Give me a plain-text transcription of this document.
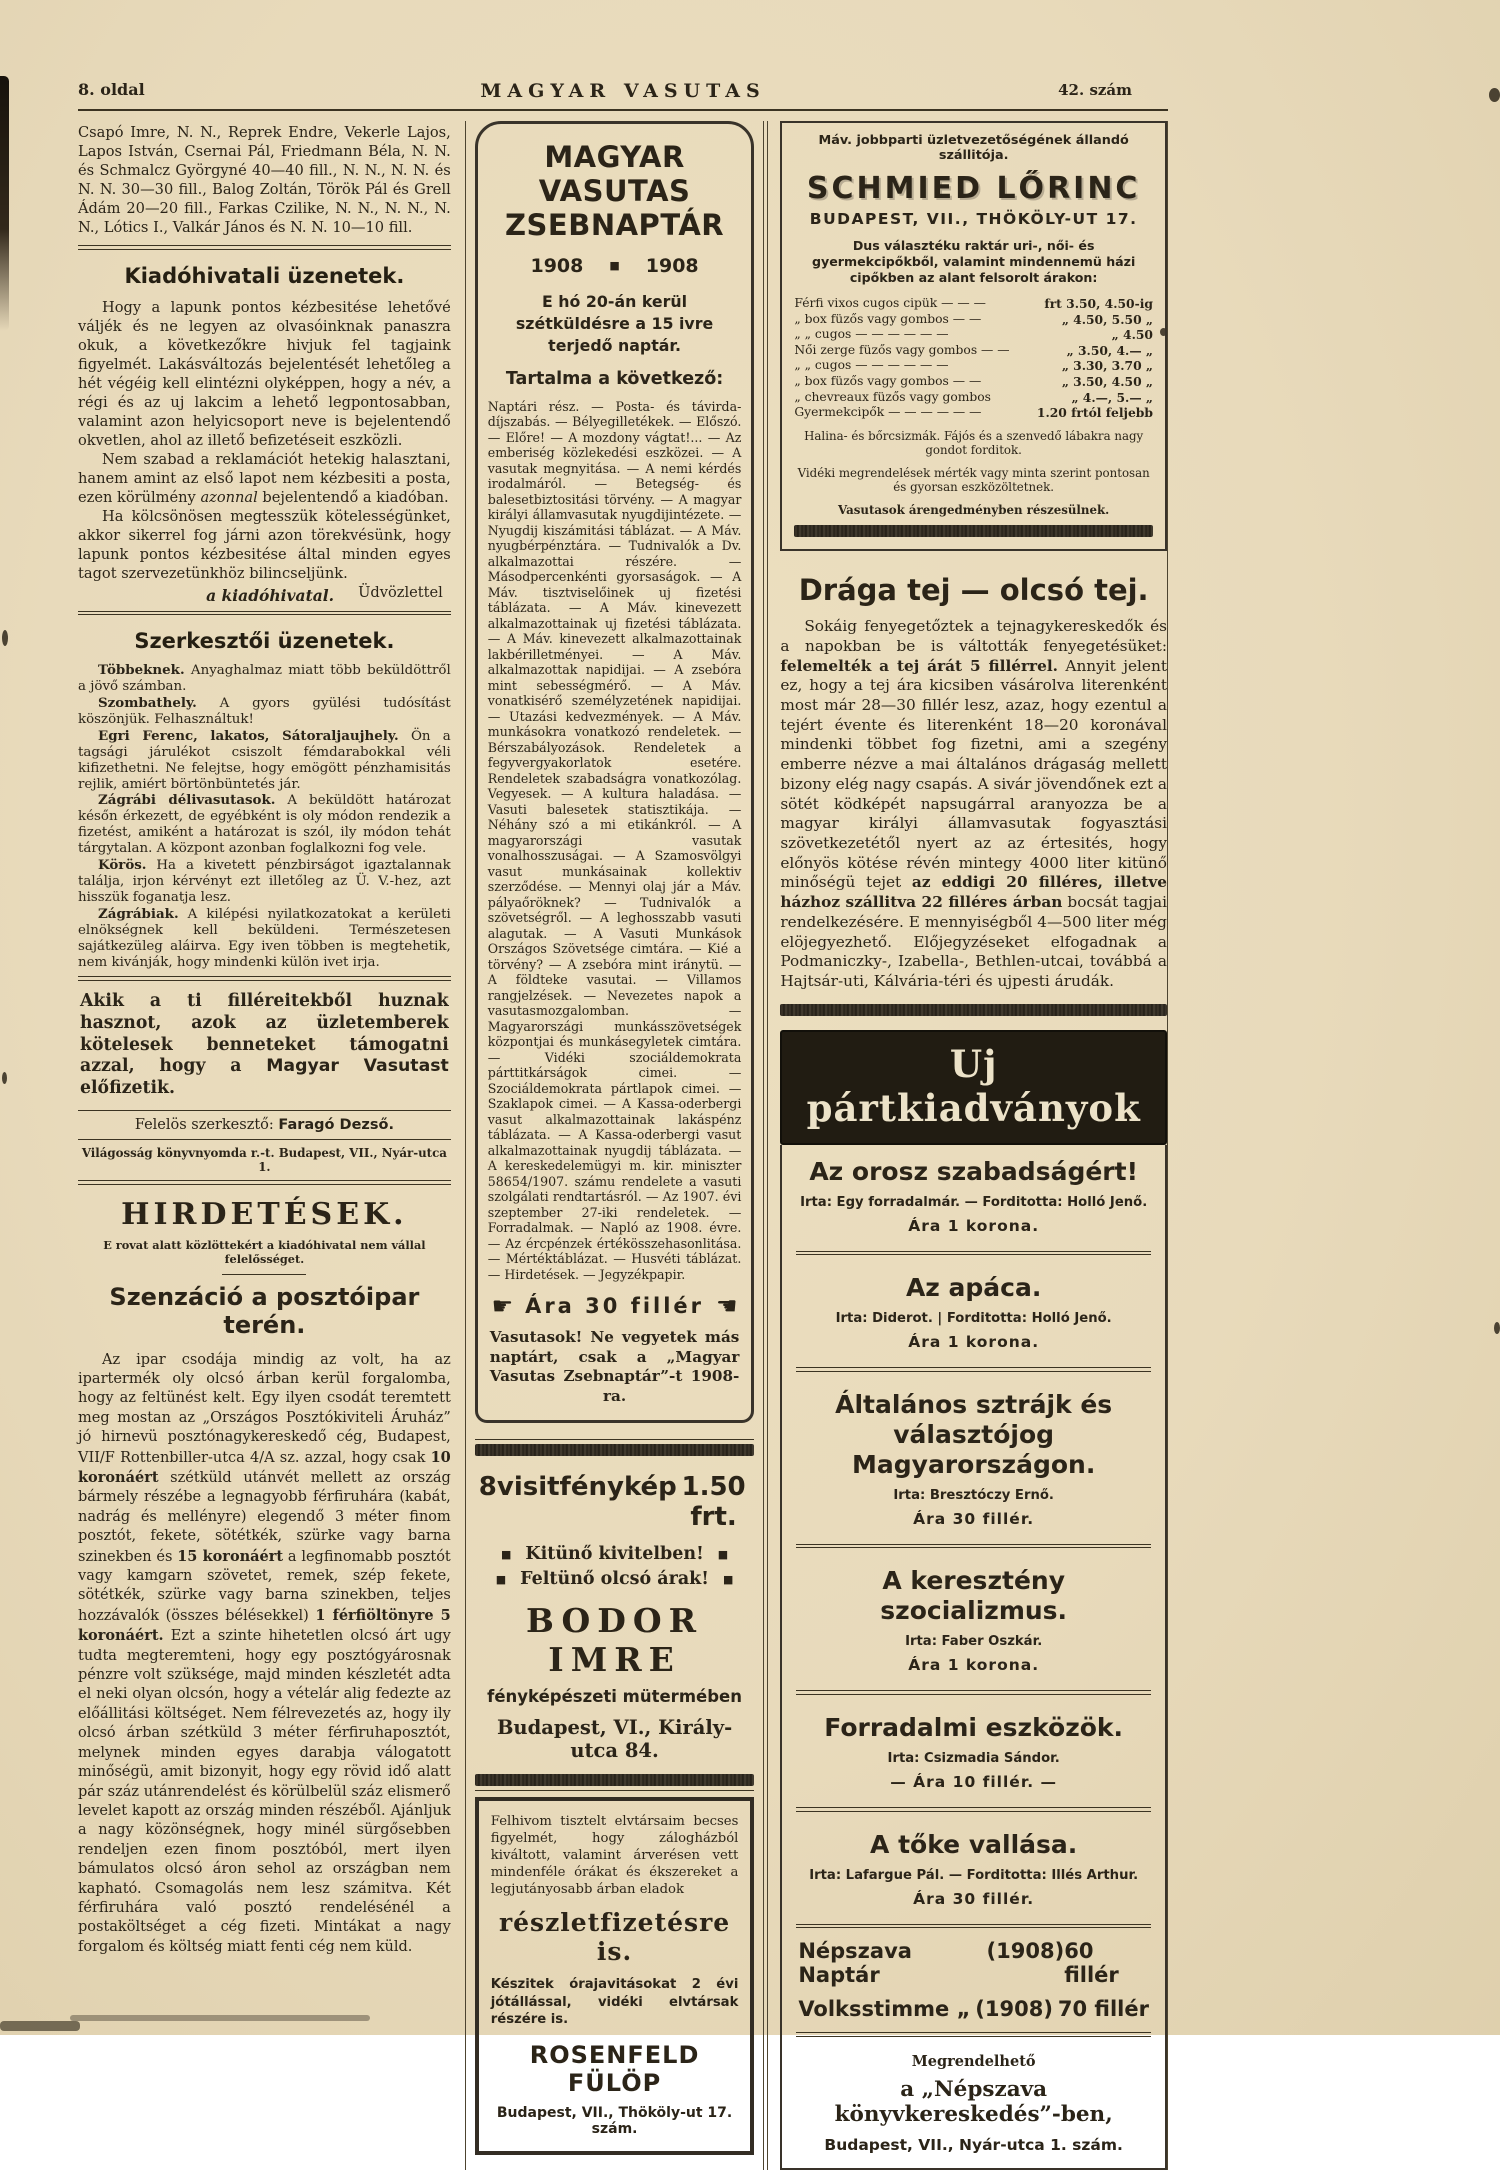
8. oldal	MAGYAR VASUTAS	42. szám

Csapó Imre, N. N., Reprek Endre, Vekerle Lajos, Lapos István, Csernai Pál, Friedmann Béla, N. N. és Schmalcz Györgyné 40—40 fill., N. N., N. N. és N. N. 30—30 fill., Balog Zoltán, Török Pál és Grell Ádám 20—20 fill., Farkas Czilike, N. N., N. N., N. N., Lótics I., Valkár János és N. N. 10—10 fill.

Kiadóhivatali üzenetek.

Hogy a lapunk pontos kézbesitése lehetővé váljék és ne legyen az olvasóinknak panaszra okuk, a következőkre hivjuk fel tagjaink figyelmét. Lakásváltozás bejelentését lehetőleg a hét végéig kell elintézni olyképpen, hogy a név, a régi és az uj lakcim a lehető legpontosabban, valamint azon helyicsoport neve is bejelentendő okvetlen, ahol az illető befizetéseit eszközli.

Nem szabad a reklamációt hetekig halasztani, hanem amint az első lapot nem kézbesiti a posta, ezen körülmény azonnal bejelentendő a kiadóban.

Ha kölcsönösen megtesszük kötelességünket, akkor sikerrel fog járni azon törekvésünk, hogy lapunk pontos kézbesitése által minden egyes tagot szervezetünkhöz bilincseljünk.
Üdvözlettel

a kiadóhivatal.
Szerkesztői üzenetek.

Többeknek. Anyaghalmaz miatt több beküldöttről a jövő számban.

Szombathely. A gyors gyülési tudósítást köszönjük. Felhasználtuk!

Egri Ferenc, lakatos, Sátoraljaujhely. Ön a tagsági járulékot csiszolt fémdarabokkal véli kifizethetni. Ne felejtse, hogy emögött pénzhamisitás rejlik, amiért börtönbüntetés jár.

Zágrábi délivasutasok. A beküldött határozat későn érkezett, de egyébként is oly módon rendezik a fizetést, amiként a határozat is szól, ily módon tehát tárgytalan. A központ azonban foglalkozni fog vele.

Körös. Ha a kivetett pénzbirságot igaztalannak találja, irjon kérvényt ezt illetőleg az Ü. V.-hez, azt hisszük foganatja lesz.

Zágrábiak. A kilépési nyilatkozatokat a kerületi elnökségnek kell beküldeni. Természetesen sajátkezüleg aláirva. Egy iven többen is megtehetik, nem kivánják, hogy mindenki külön ivet irja.

Akik a ti filléreitekből huznak hasznot, azok az üzletemberek kötelesek benneteket támogatni azzal, hogy a Magyar Vasutast előfizetik.

Felelös szerkesztő: Faragó Dezső.
Világosság könyvnyomda r.-t. Budapest, VII., Nyár-utca 1.
HIRDETÉSEK.
E rovat alatt közlöttekért a kiadóhivatal nem vállal felelősséget.
Szenzáció a posztóipar terén.

Az ipar csodája mindig az volt, ha az ipartermék oly olcsó árban kerül forgalomba, hogy az feltünést kelt. Egy ilyen csodát teremtett meg mostan az „Országos Posztókiviteli Áruház” jó hirnevü posztónagykereskedő cég, Budapest, VII/F Rottenbiller-utca 4/A sz. azzal, hogy csak 10 koronáért szétküld utánvét mellett az ország bármely részébe a legnagyobb férfiruhára (kabát, nadrág és mellényre) elegendő 3 méter finom posztót, fekete, sötétkék, szürke vagy barna szinekben és 15 koronáért a legfinomabb posztót vagy kamgarn szövetet, remek, szép fekete, sötétkék, szürke vagy barna szinekben, teljes hozzávalók (összes bélésekkel) 1 férfiöltönyre 5 koronáért. Ezt a szinte hihetetlen olcsó árt ugy tudta megteremteni, hogy egy posztógyárosnak pénzre volt szüksége, majd minden készletét adta el neki olyan olcsón, hogy a vételár alig fedezte az előállitási költséget. Nem félrevezetés az, hogy ily olcsó árban szétküld 3 méter férfiruhaposztót, melynek minden egyes darabja válogatott minőségü, amit bizonyit, hogy egy rövid idő alatt pár száz utánrendelést és körülbelül száz elismerő levelet kapott az ország minden részéből. Ajánljuk a nagy közönségnek, hogy minél sürgősebben rendeljen ezen finom posztóból, mert ilyen bámulatos olcsó áron sehol az országban nem kapható. Csomagolás nem lesz számitva. Két férfiruhára való posztó rendelésénél a postaköltséget a cég fizeti. Mintákat a nagy forgalom és költség miatt fenti cég nem küld.

MAGYAR VASUTAS
ZSEBNAPTÁR
1908 ■ 1908
E hó 20-án kerül szétküldésre a 15 ivre terjedő naptár.
Tartalma a következő:

Naptári rész. — Posta- és távirda-díjszabás. — Bélyegilletékek. — Előszó. — Előre! — A mozdony vágtat!... — Az emberiség közlekedési eszközei. — A vasutak megnyitása. — A nemi kérdés irodalmáról. — Betegség- és balesetbiztositási törvény. — A magyar királyi államvasutak nyugdijintézete. — Nyugdij kiszámitási táblázat. — A Máv. nyugbérpénztára. — Tudnivalók a Dv. alkalmazottai részére. — Másodpercenkénti gyorsaságok. — A Máv. tisztviselőinek uj fizetési táblázata. — A Máv. kinevezett alkalmazottainak uj fizetési táblázata. — A Máv. kinevezett alkalmazottainak lakbérilletményei. — A Máv. alkalmazottak napidijai. — A zsebóra mint sebességmérő. — A Máv. vonatkisérő személyzetének napidijai. — Utazási kedvezmények. — A Máv. munkásokra vonatkozó rendeletek. — Bérszabályozások. Rendeletek a fegyvergyakorlatok esetére. Rendeletek szabadságra vonatkozólag. Vegyesek. — A kultura haladása. — Vasuti balesetek statisztikája. — Néhány szó a mi etikánkról. — A magyarországi vasutak vonalhosszuságai. — A Szamosvölgyi vasut munkásainak kollektiv szerződése. — Mennyi olaj jár a Máv. pályaőröknek? — Tudnivalók a szövetségről. — A leghosszabb vasuti alagutak. — A Vasuti Munkások Országos Szövetsége cimtára. — Kié a törvény? — A zsebóra mint iránytü. — A földteke vasutai. — Villamos rangjelzések. — Nevezetes napok a vasutasmozgalomban. — Magyarországi munkásszövetségek központjai és munkásegyletek cimtára. — Vidéki szociáldemokrata párttitkárságok cimei. — Szociáldemokrata pártlapok cimei. — Szaklapok cimei. — A Kassa-oderbergi vasut alkalmazottainak lakáspénz táblázata. — A Kassa-oderbergi vasut alkalmazottainak nyugdij táblázata. — A kereskedelemügyi m. kir. miniszter 58654/1907. számu rendelete a vasuti szolgálati rendtartásról. — Az 1907. évi szeptember 27-iki rendeletek. — Forradalmak. — Napló az 1908. évre. — Az ércpénzek értékösszehasonlitása. — Mértéktáblázat. — Husvéti táblázat. — Hirdetések. — Jegyzékpapir.

☛ Ára 30 fillér ☚

Vasutasok! Ne vegyetek más naptárt, csak a „Magyar Vasutas Zsebnaptár”-t 1908-ra.

8 visitfénykép 1.50 frt.
■ Kitünő kivitelben! ■
■ Feltünő olcsó árak! ■
BODOR IMRE
fényképészeti mütermében
Budapest, VI., Király-utca 84.

Felhivom tisztelt elvtársaim becses figyelmét, hogy zálogházból kiváltott, valamint árverésen vett mindenféle órákat és ékszereket a legjutányosabb árban eladok

részletfizetésre is.

Készitek órajavitásokat 2 évi jótállással, vidéki elvtársak részére is.

ROSENFELD FÜLÖP
Budapest, VII., Thököly-ut 17. szám.
Máv. jobbparti üzletvezetőségének állandó szállitója.
SCHMIED LŐRINC
BUDAPEST, VII., THÖKÖLY-UT 17.
Dus választéku raktár uri-, női- és gyermekcipőkből, valamint mindennemü házi cipőkben az alant felsorolt árakon:
Férfi vixos cugos cipük — — —	frt 3.50, 4.50-ig
„ box füzős vagy gombos — —	„ 4.50, 5.50 „
„ „ cugos — — — — — —	„ 4.50
Női zerge füzős vagy gombos — —	„ 3.50, 4.— „
„ „ cugos — — — — — —	„ 3.30, 3.70 „
„ box füzős vagy gombos — —	„ 3.50, 4.50 „
„ chevreaux füzős vagy gombos	„ 4.—, 5.— „
Gyermekcipők — — — — — —	1.20 frtól feljebb
Halina- és bőrcsizmák. Fájós és a szenvedő lábakra nagy gondot forditok.
Vidéki megrendelések mérték vagy minta szerint pontosan és gyorsan eszközöltetnek.
Vasutasok árengedményben részesülnek.
Drága tej — olcsó tej.

Sokáig fenyegetőztek a tejnagykereskedők és a napokban be is váltották fenyegetésüket: felemelték a tej árát 5 fillérrel. Annyit jelent ez, hogy a tej ára kicsiben vásárolva literenként most már 28—30 fillér lesz, azaz, hogy ezentul a tejért évente és literenként 18—20 koronával mindenki többet fog fizetni, ami a szegény emberre nézve a mai általános drágaság mellett bizony elég nagy csapás. A sivár jövendőnek ezt a sötét ködképét napsugárral aranyozza be a magyar királyi államvasutak fogyasztási szövetkezetétől nyert az az értesités, hogy előnyös kötése révén mintegy 4000 liter kitünő minőségü tejet az eddigi 20 filléres, illetve házhoz szállitva 22 filléres árban bocsát tagjai rendelkezésére. E mennyiségből 4—500 liter még elöjegyezhető. Előjegyzéseket elfogadnak a Podmaniczky-, Izabella-, Bethlen-utcai, továbbá a Hajtsár-uti, Kálvária-téri és ujpesti árudák.

Uj pártkiadványok
Az orosz szabadságért!
Irta: Egy forradalmár. — Forditotta: Holló Jenő.
Ára 1 korona.
Az apáca.
Irta: Diderot. | Forditotta: Holló Jenő.
Ára 1 korona.
Általános sztrájk és választójog Magyarországon.
Irta: Bresztóczy Ernő.
Ára 30 fillér.
A keresztény szocializmus.
Irta: Faber Oszkár.
Ára 1 korona.
Forradalmi eszközök.
Irta: Csizmadia Sándor.
— Ára 10 fillér. —
A tőke vallása.
Irta: Lafargue Pál. — Forditotta: Illés Arthur.
Ára 30 fillér.
Népszava Naptár
(1908) 60 fillér
Volksstimme „ (1908) 70 fillér
Megrendelhető
a „Népszava könyvkereskedés”-ben,
Budapest, VII., Nyár-utca 1. szám.
